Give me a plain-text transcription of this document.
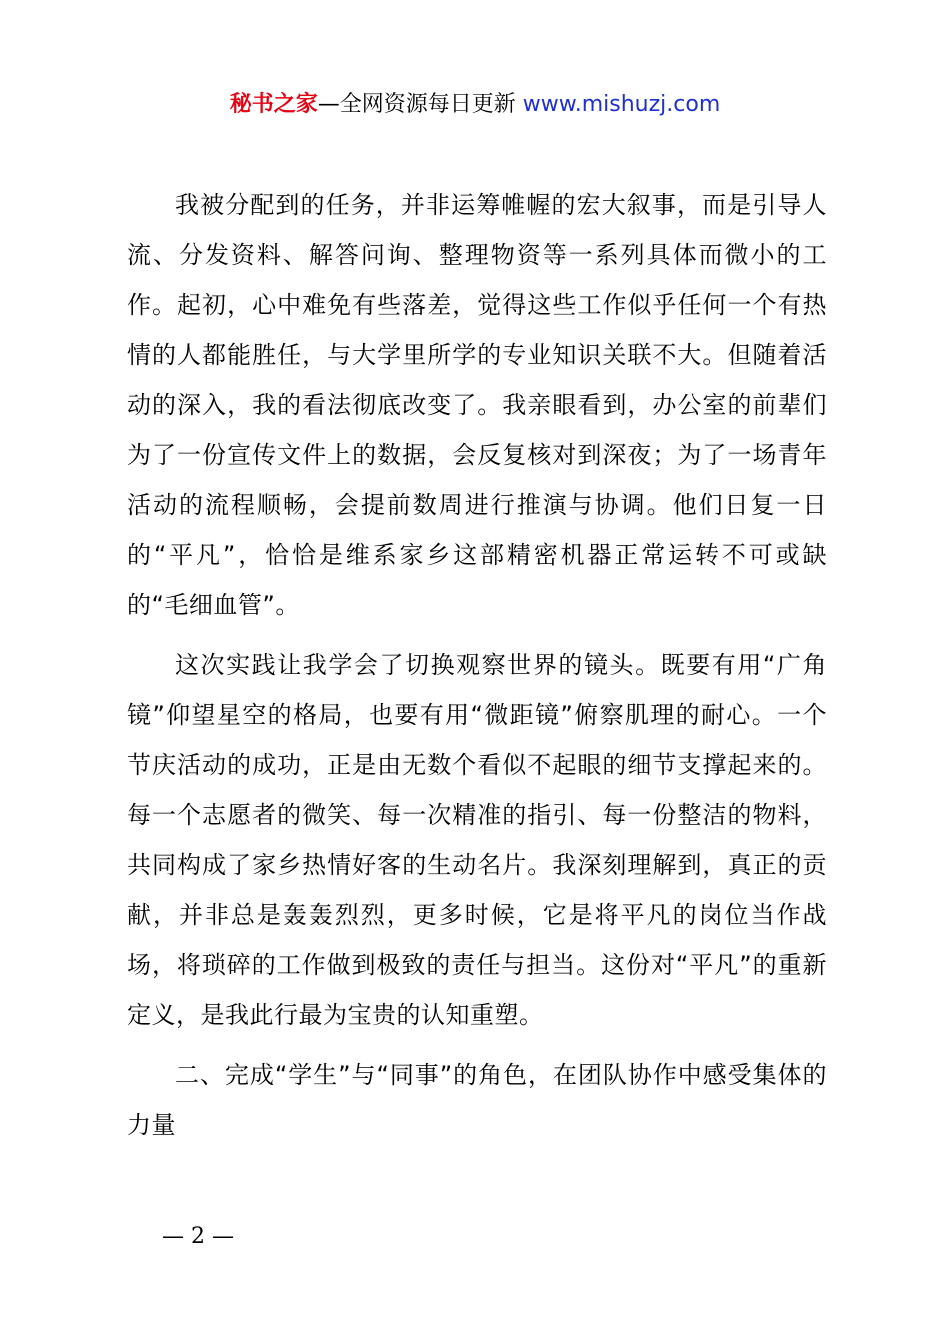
秘书之家—全网资源每日更新 www.mishuzj.com

我被分配到的任务，并非运筹帷幄的宏大叙事，而是引导人流、分发资料、解答问询、整理物资等一系列具体而微小的工作。起初，心中难免有些落差，觉得这些工作似乎任何一个有热情的人都能胜任，与大学里所学的专业知识关联不大。但随着活动的深入，我的看法彻底改变了。我亲眼看到，办公室的前辈们为了一份宣传文件上的数据，会反复核对到深夜；为了一场青年活动的流程顺畅，会提前数周进行推演与协调。他们日复一日的“平凡”，恰恰是维系家乡这部精密机器正常运转不可或缺的“毛细血管”。

这次实践让我学会了切换观察世界的镜头。既要有用“广角镜”仰望星空的格局，也要有用“微距镜”俯察肌理的耐心。一个节庆活动的成功，正是由无数个看似不起眼的细节支撑起来的。每一个志愿者的微笑、每一次精准的指引、每一份整洁的物料，共同构成了家乡热情好客的生动名片。我深刻理解到，真正的贡献，并非总是轰轰烈烈，更多时候，它是将平凡的岗位当作战场，将琐碎的工作做到极致的责任与担当。这份对“平凡”的重新定义，是我此行最为宝贵的认知重塑。

二、完成“学生”与“同事”的角色，在团队协作中感受集体的力量

— 2 —
